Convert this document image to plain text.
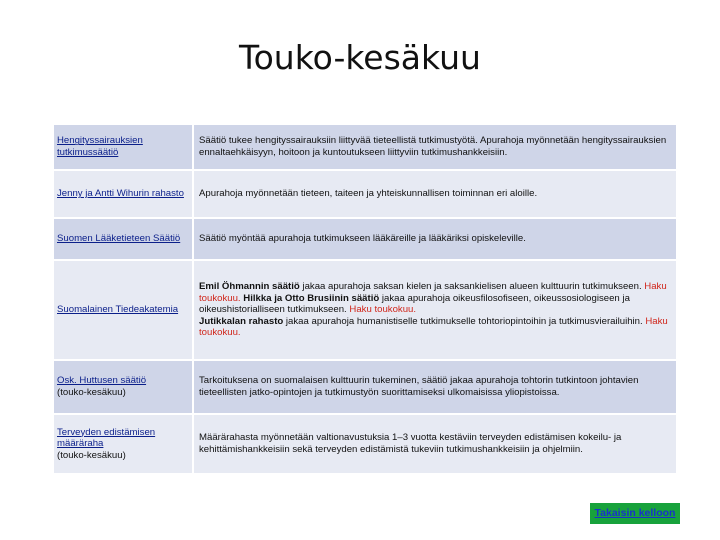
Touko-kesäkuu
Hengityssairauksien tutkimussäätiö	Säätiö tukee hengityssairauksiin liittyvää tieteellistä tutkimustyötä. Apurahoja myönnetään hengityssairauksien ennaltaehkäisyyn, hoitoon ja kuntoutukseen liittyviin tutkimushankkeisiin.
Jenny ja Antti Wihurin rahasto	Apurahoja myönnetään tieteen, taiteen ja yhteiskunnallisen toiminnan eri aloille.
Suomen Lääketieteen Säätiö	Säätiö myöntää apurahoja tutkimukseen lääkäreille ja lääkäriksi opiskeleville.
Suomalainen Tiedeakatemia	Emil Öhmannin säätiö jakaa apurahoja saksan kielen ja saksankielisen alueen kulttuurin tutkimukseen. Haku toukokuu. Hilkka ja Otto Brusiinin säätiö jakaa apurahoja oikeusfilosofiseen, oikeussosiologiseen ja oikeushistorialliseen tutkimukseen. Haku toukokuu.
Jutikkalan rahasto jakaa apurahoja humanistiselle tutkimukselle tohtoriopintoihin ja tutkimusvierailuihin. Haku toukokuu.
Osk. Huttusen säätiö
(touko-kesäkuu)	Tarkoituksena on suomalaisen kulttuurin tukeminen, säätiö jakaa apurahoja tohtorin tutkintoon johtavien tieteellisten jatko-opintojen ja tutkimustyön suorittamiseksi ulkomaisissa yliopistoissa.
Terveyden edistämisen määräraha
(touko-kesäkuu)	Määrärahasta myönnetään valtionavustuksia 1–3 vuotta kestäviin terveyden edistämisen kokeilu- ja kehittämishankkeisiin sekä terveyden edistämistä tukeviin tutkimushankkeisiin ja ohjelmiin.
Takaisin kelloon
